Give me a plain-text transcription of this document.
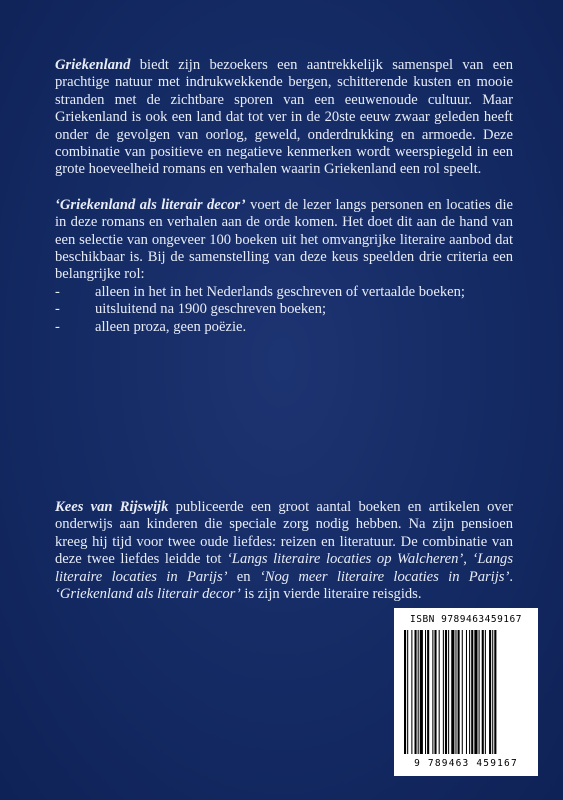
Griekenland biedt zijn bezoekers een aantrekkelijk samenspel van een prachtige natuur met indrukwekkende bergen, schitterende kusten en mooie stranden met de zichtbare sporen van een eeuwenoude cultuur. Maar Griekenland is ook een land dat tot ver in de 20ste eeuw zwaar geleden heeft onder de gevolgen van oorlog, geweld, onderdrukking en armoede. Deze combinatie van positieve en negatieve kenmerken wordt weerspiegeld in een grote hoeveelheid romans en verhalen waarin Griekenland een rol speelt.

‘Griekenland als literair decor’ voert de lezer langs personen en locaties die in deze romans en verhalen aan de orde komen. Het doet dit aan de hand van een selectie van ongeveer 100 boeken uit het omvangrijke literaire aanbod dat beschikbaar is. Bij de samenstelling van deze keus speelden drie criteria een belangrijke rol:

-	alleen in het in het Nederlands geschreven of vertaalde boeken;
-	uitsluitend na 1900 geschreven boeken;
-	alleen proza, geen poëzie.

Kees van Rijswijk publiceerde een groot aantal boeken en artikelen over onderwijs aan kinderen die speciale zorg nodig hebben. Na zijn pensioen kreeg hij tijd voor twee oude liefdes: reizen en literatuur. De combinatie van deze twee liefdes leidde tot ‘Langs literaire locaties op Walcheren’, ‘Langs literaire locaties in Parijs’ en ‘Nog meer literaire locaties in Parijs’. ‘Griekenland als literair decor’ is zijn vierde literaire reisgids.

ISBN 9789463459167
9 789463 459167
